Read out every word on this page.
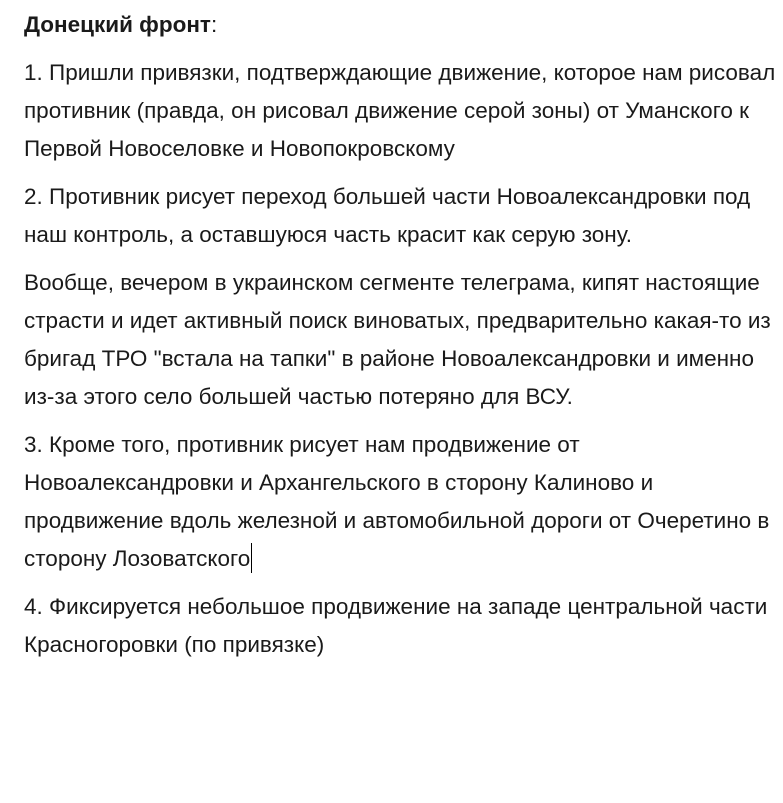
Донецкий фронт:

1. Пришли привязки, подтверждающие движение, которое нам рисовал противник (правда, он рисовал движение серой зоны) от Уманского к Первой Новоселовке и Новопокровскому

2. Противник рисует переход большей части Новоалександровки под наш контроль, а оставшуюся часть красит как серую зону.

Вообще, вечером в украинском сегменте телеграма, кипят настоящие страсти и идет активный поиск виноватых, предварительно какая-то из бригад ТРО "встала на тапки" в районе Новоалександровки и именно из-за этого село большей частью потеряно для ВСУ.

3. Кроме того, противник рисует нам продвижение от Новоалександровки и Архангельского в сторону Калиново и продвижение вдоль железной и автомобильной дороги от Очеретино в сторону Лозоватского

4. Фиксируется небольшое продвижение на западе центральной части Красногоровки (по привязке)
